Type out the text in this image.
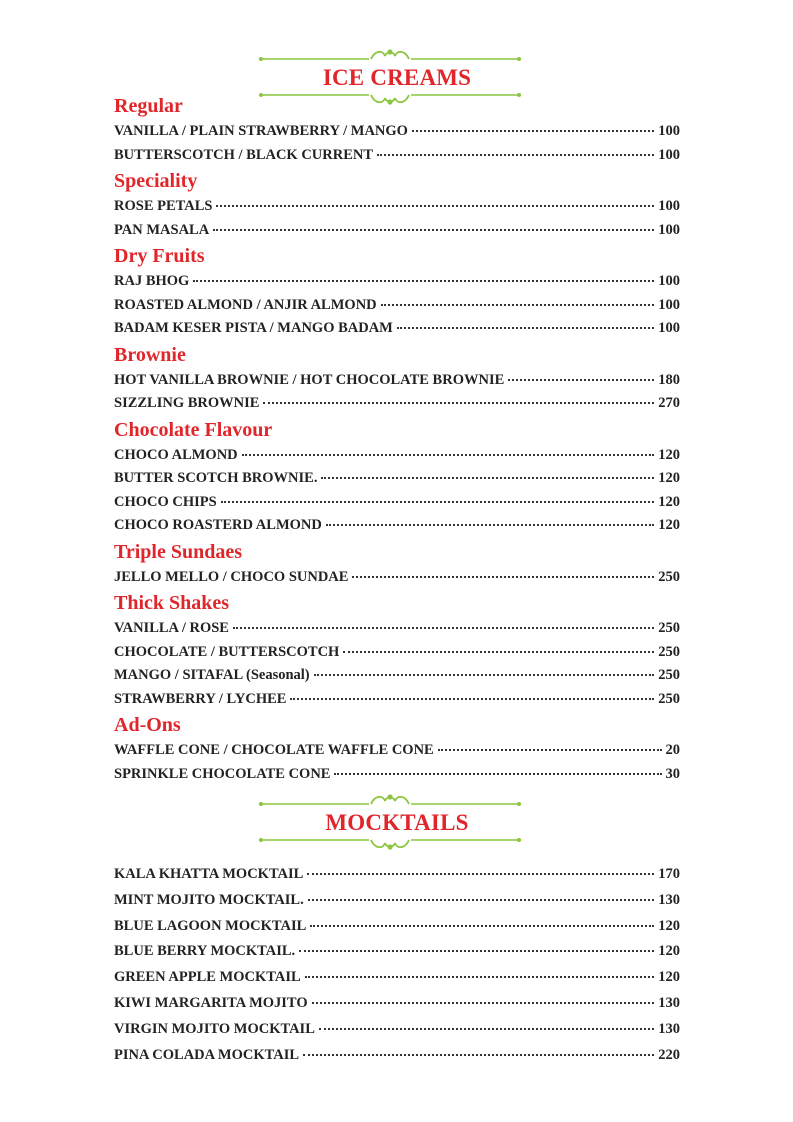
ICE CREAMS
Regular
VANILLA / PLAIN STRAWBERRY / MANGO	100
BUTTERSCOTCH / BLACK CURRENT	100
Speciality
ROSE PETALS	100
PAN MASALA	100
Dry Fruits
RAJ BHOG	100
ROASTED ALMOND / ANJIR ALMOND	100
BADAM KESER PISTA / MANGO BADAM	100
Brownie
HOT VANILLA BROWNIE / HOT CHOCOLATE BROWNIE	180
SIZZLING BROWNIE	270
Chocolate Flavour
CHOCO ALMOND	120
BUTTER SCOTCH BROWNIE.	120
CHOCO CHIPS	120
CHOCO ROASTERD ALMOND	120
Triple Sundaes
JELLO MELLO / CHOCO SUNDAE	250
Thick Shakes
VANILLA / ROSE	250
CHOCOLATE / BUTTERSCOTCH	250
MANGO / SITAFAL (Seasonal)	250
STRAWBERRY / LYCHEE	250
Ad-Ons
WAFFLE CONE / CHOCOLATE WAFFLE CONE	20
SPRINKLE CHOCOLATE CONE	30
MOCKTAILS
KALA KHATTA MOCKTAIL	170
MINT MOJITO MOCKTAIL.	130
BLUE LAGOON MOCKTAIL	120
BLUE BERRY MOCKTAIL.	120
GREEN APPLE MOCKTAIL	120
KIWI MARGARITA MOJITO	130
VIRGIN MOJITO MOCKTAIL	130
PINA COLADA MOCKTAIL	220
